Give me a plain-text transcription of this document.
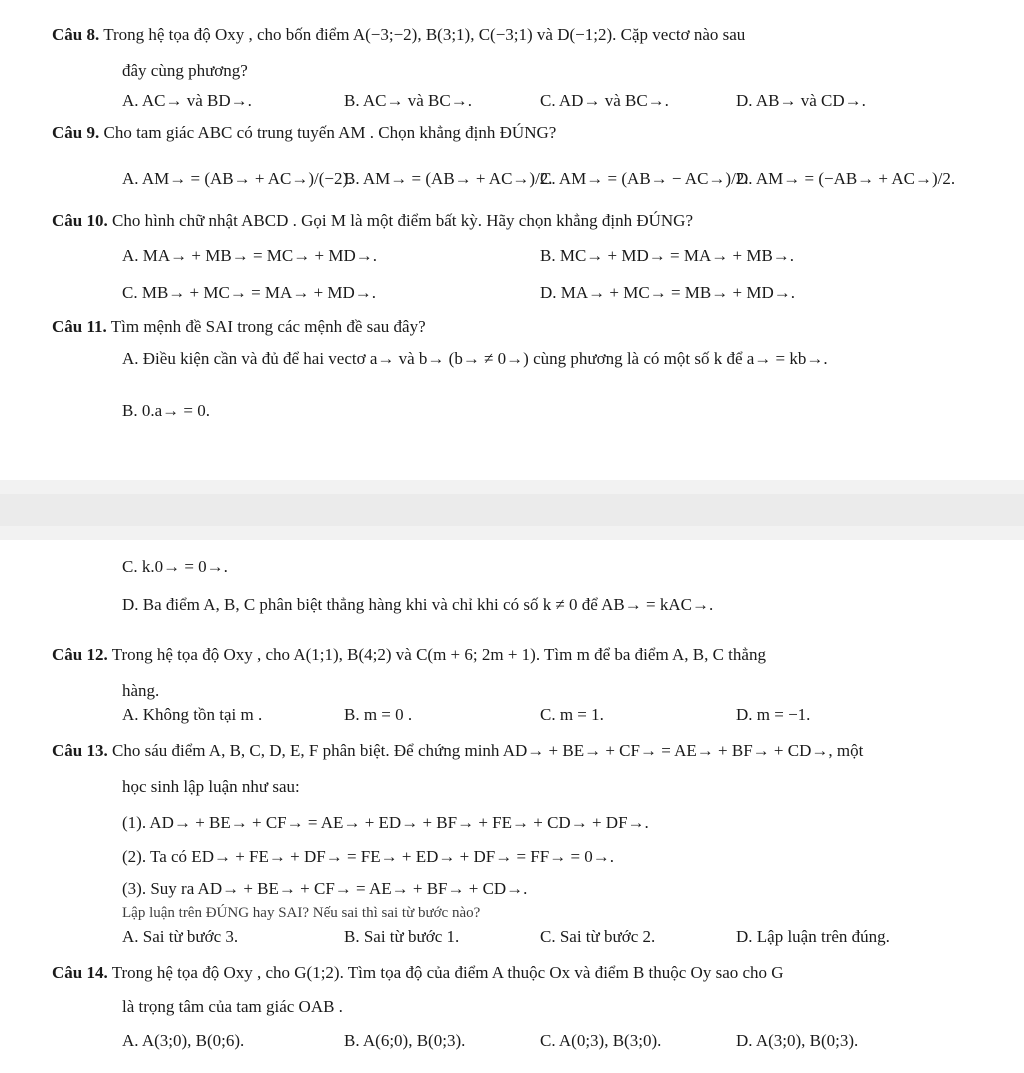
Câu 8. Trong hệ tọa độ Oxy , cho bốn điểm A(−3;−2), B(3;1), C(−3;1) và D(−1;2). Cặp vectơ nào sau
đây cùng phương?
A. AC→ và BD→.	B. AC→ và BC→.	C. AD→ và BC→.	D. AB→ và CD→.
Câu 9. Cho tam giác ABC có trung tuyến AM . Chọn khẳng định ĐÚNG?
A. AM→ = (AB→ + AC→)/(−2).
B. AM→ = (AB→ + AC→)/2.
C. AM→ = (AB→ − AC→)/2.
D. AM→ = (−AB→ + AC→)/2.
Câu 10. Cho hình chữ nhật ABCD . Gọi M là một điểm bất kỳ. Hãy chọn khẳng định ĐÚNG?
A. MA→ + MB→ = MC→ + MD→.	B. MC→ + MD→ = MA→ + MB→.
C. MB→ + MC→ = MA→ + MD→.	D. MA→ + MC→ = MB→ + MD→.
Câu 11. Tìm mệnh đề SAI trong các mệnh đề sau đây?
A. Điều kiện cần và đủ để hai vectơ a→ và b→ (b→ ≠ 0→) cùng phương là có một số k để a→ = kb→.
B. 0.a→ = 0.
C. k.0→ = 0→.
D. Ba điểm A, B, C phân biệt thẳng hàng khi và chỉ khi có số k ≠ 0 để AB→ = kAC→.
Câu 12. Trong hệ tọa độ Oxy , cho A(1;1), B(4;2) và C(m + 6; 2m + 1). Tìm m để ba điểm A, B, C thẳng
hàng.
A. Không tồn tại m .	B. m = 0 .	C. m = 1.	D. m = −1.
Câu 13. Cho sáu điểm A, B, C, D, E, F phân biệt. Để chứng minh AD→ + BE→ + CF→ = AE→ + BF→ + CD→, một
học sinh lập luận như sau:
(1). AD→ + BE→ + CF→ = AE→ + ED→ + BF→ + FE→ + CD→ + DF→.
(2). Ta có ED→ + FE→ + DF→ = FE→ + ED→ + DF→ = FF→ = 0→.
(3). Suy ra AD→ + BE→ + CF→ = AE→ + BF→ + CD→.
Lập luận trên ĐÚNG hay SAI? Nếu sai thì sai từ bước nào?
A. Sai từ bước 3.	B. Sai từ bước 1.	C. Sai từ bước 2.	D. Lập luận trên đúng.
Câu 14. Trong hệ tọa độ Oxy , cho G(1;2). Tìm tọa độ của điểm A thuộc Ox và điểm B thuộc Oy sao cho G
là trọng tâm của tam giác OAB .
A. A(3;0), B(0;6).	B. A(6;0), B(0;3).	C. A(0;3), B(3;0).	D. A(3;0), B(0;3).
